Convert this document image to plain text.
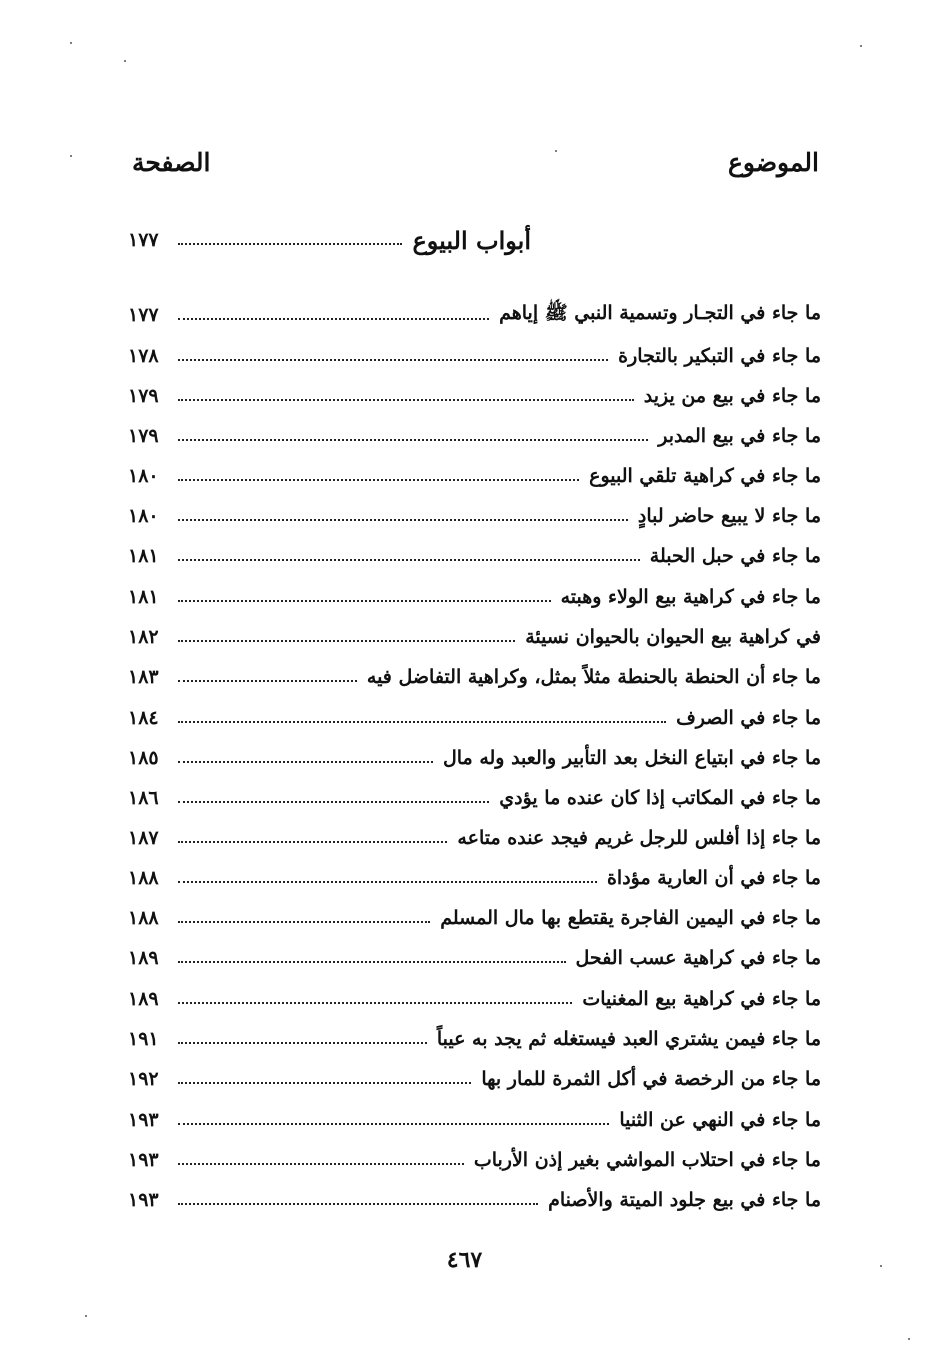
الموضوع
الصفحة
أبواب البيوع
١٧٧
ما جاء في التجـار وتسمية النبي ﷺ إياهم
١٧٧
ما جاء في التبكير بالتجارة
١٧٨
ما جاء في بيع من يزيد
١٧٩
ما جاء في بيع المدبر
١٧٩
ما جاء في كراهية تلقي البيوع
١٨٠
ما جاء لا يبيع حاضر لبادٍ
١٨٠
ما جاء في حبل الحبلة
١٨١
ما جاء في كراهية بيع الولاء وهبته
١٨١
في كراهية بيع الحيوان بالحيوان نسيئة
١٨٢
ما جاء أن الحنطة بالحنطة مثلاً بمثل، وكراهية التفاضل فيه
١٨٣
ما جاء في الصرف
١٨٤
ما جاء في ابتياع النخل بعد التأبير والعبد وله مال
١٨٥
ما جاء في المكاتب إذا كان عنده ما يؤدي
١٨٦
ما جاء إذا أفلس للرجل غريم فيجد عنده متاعه
١٨٧
ما جاء في أن العارية مؤداة
١٨٨
ما جاء في اليمين الفاجرة يقتطع بها مال المسلم
١٨٨
ما جاء في كراهية عسب الفحل
١٨٩
ما جاء في كراهية بيع المغنيات
١٨٩
ما جاء فيمن يشتري العبد فيستغله ثم يجد به عيباً
١٩١
ما جاء من الرخصة في أكل الثمرة للمار بها
١٩٢
ما جاء في النهي عن الثنيا
١٩٣
ما جاء في احتلاب المواشي بغير إذن الأرباب
١٩٣
ما جاء في بيع جلود الميتة والأصنام
١٩٣
٤٦٧
